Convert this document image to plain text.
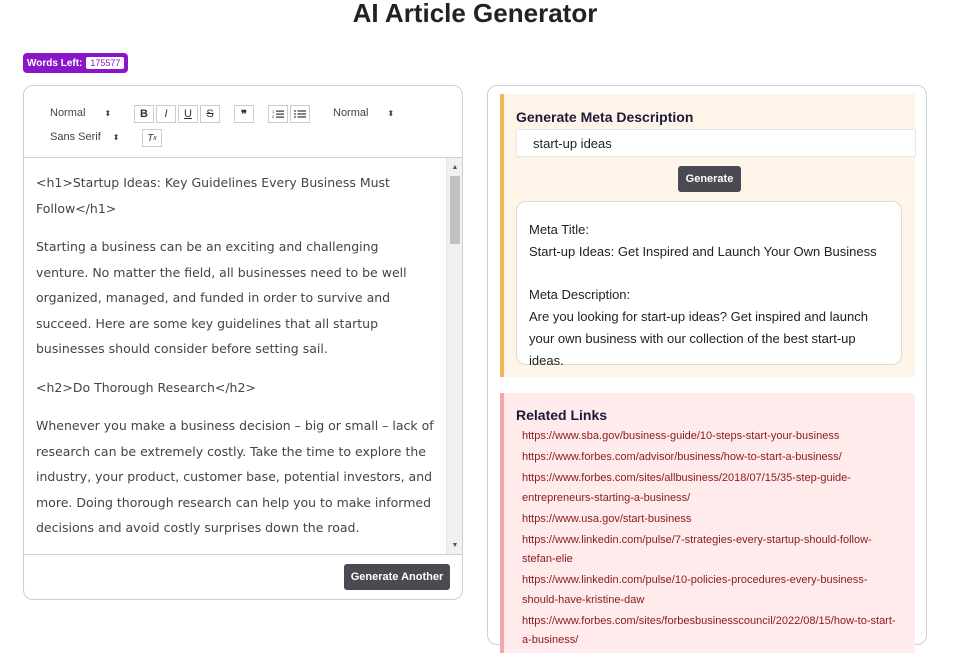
AI Article Generator
Words Left: 175577
Normal ⬍	B	I	U	S	❞	1
2	Normal ⬍
Sans Serif ⬍	T x

<h1>Startup Ideas: Key Guidelines Every Business Must Follow</h1>

Starting a business can be an exciting and challenging venture. No matter the field, all businesses need to be well organized, managed, and funded in order to survive and succeed. Here are some key guidelines that all startup businesses should consider before setting sail.

<h2>Do Thorough Research</h2>

Whenever you make a business decision – big or small – lack of research can be extremely costly. Take the time to explore the industry, your product, customer base, potential investors, and more. Doing thorough research can help you to make informed decisions and avoid costly surprises down the road.

▲
▼
Generate Another
Generate Meta Description
start-up ideas
Generate
Meta Title:
Start-up Ideas: Get Inspired and Launch Your Own Business
Meta Description:
Are you looking for start-up ideas? Get inspired and launch your own business with our collection of the best start-up ideas.
Related Links
https://www.sba.gov/business-guide/10-steps-start-your-business
https://www.forbes.com/advisor/business/how-to-start-a-business/
https://www.forbes.com/sites/allbusiness/2018/07/15/35-step-guide-entrepreneurs-starting-a-business/
https://www.usa.gov/start-business
https://www.linkedin.com/pulse/7-strategies-every-startup-should-follow-stefan-elie
https://www.linkedin.com/pulse/10-policies-procedures-every-business-should-have-kristine-daw
https://www.forbes.com/sites/forbesbusinesscouncil/2022/08/15/how-to-start-a-business/
